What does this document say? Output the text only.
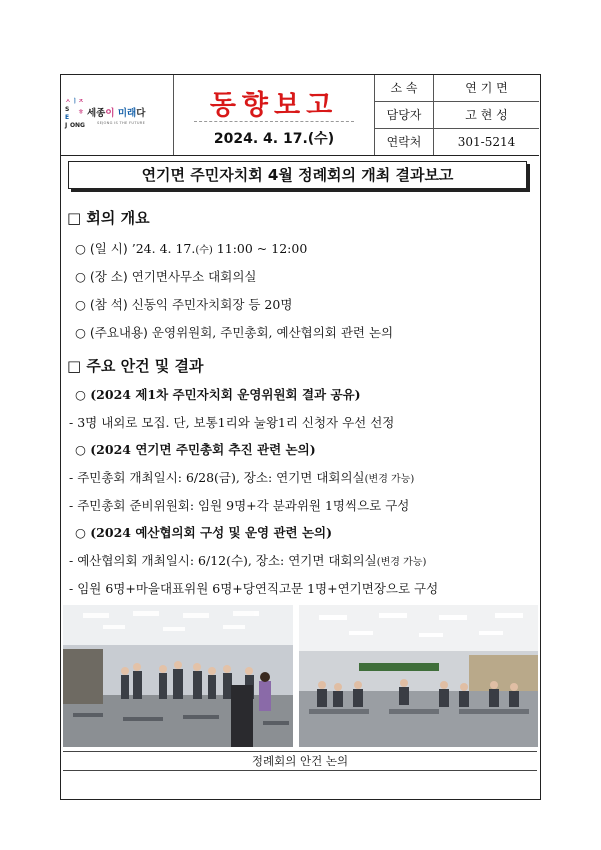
ㅅ ㅣ ㅈ
S
E
ㅎ
J O N G
세종이 미래다
SEJONG IS THE FUTURE
동향보고
2024. 4. 17.(수)
소 속	연 기 면
담당자	고 현 성
연락처	301-5214
연기면 주민자치회 4월 정례회의 개최 결과보고
□ 회의 개요
○ (일 시) ’24. 4. 17.(수) 11:00 ~ 12:00
○ (장 소) 연기면사무소 대회의실
○ (참 석) 신동익 주민자치회장 등 20명
○ (주요내용) 운영위원회, 주민총회, 예산협의회 관련 논의
□ 주요 안건 및 결과
○ (2024 제1차 주민자치회 운영위원회 결과 공유)
- 3명 내외로 모집. 단, 보통1리와 눌왕1리 신청자 우선 선정
○ (2024 연기면 주민총회 추진 관련 논의)
- 주민총회 개최일시: 6/28(금), 장소: 연기면 대회의실(변경 가능)
- 주민총회 준비위원회: 임원 9명+각 분과위원 1명씩으로 구성
○ (2024 예산협의회 구성 및 운영 관련 논의)
- 예산협의회 개최일시: 6/12(수), 장소: 연기면 대회의실(변경 가능)
- 임원 6명+마을대표위원 6명+당연직고문 1명+연기면장으로 구성
정례회의 안건 논의
